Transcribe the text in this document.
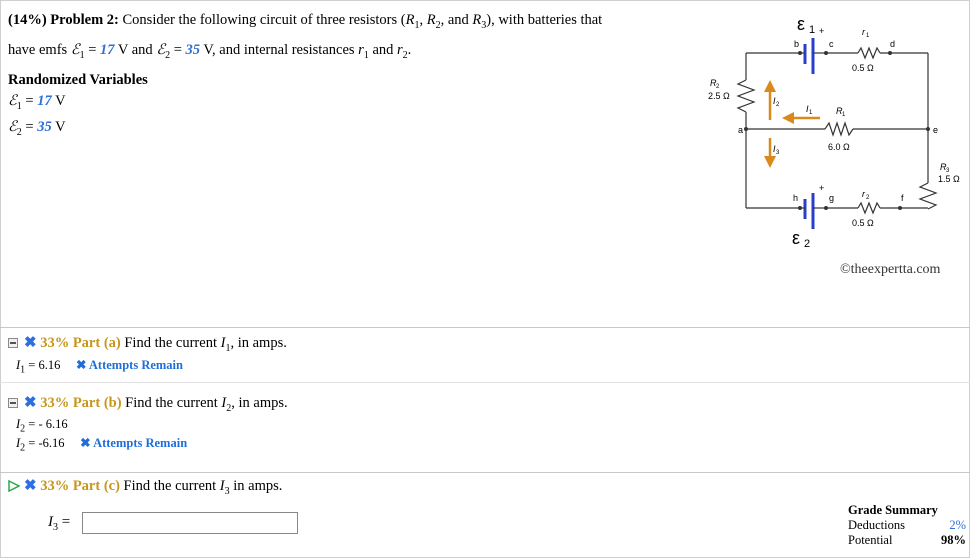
(14%) Problem 2: Consider the following circuit of three resistors ($R_1$, $R_2$, and $R_3$), with batteries that
have emfs ℰ$_1$ = 17 V and ℰ$_2$ = 35 V, and internal resistances $r_1$ and $r_2$.
Randomized Variables
ℰ$_1$ = 17 V
ℰ$_2$ = 35 V
ε 1 +
b	c
r 1
d
0.5 Ω
R 2
2.5 Ω	I 2	I 1	R 1
a	e
6.0 Ω
I 3
R 3
1.5 Ω
+
h	g	r 2	f
0.5 Ω
ε 2
©theexpertta.com
✖ 33% Part (a) Find the current $I_1$, in amps.
$I_1 = 6.16$ ✖ Attempts Remain
✖ 33% Part (b) Find the current $I_2$, in amps.
$I_2$ = - 6.16
$I_2 = -6.16$ ✖ Attempts Remain
✖ 33% Part (c) Find the current $I_3$ in amps.
$I_3$ =
Grade Summary
Deductions	2%
Potential	98%
